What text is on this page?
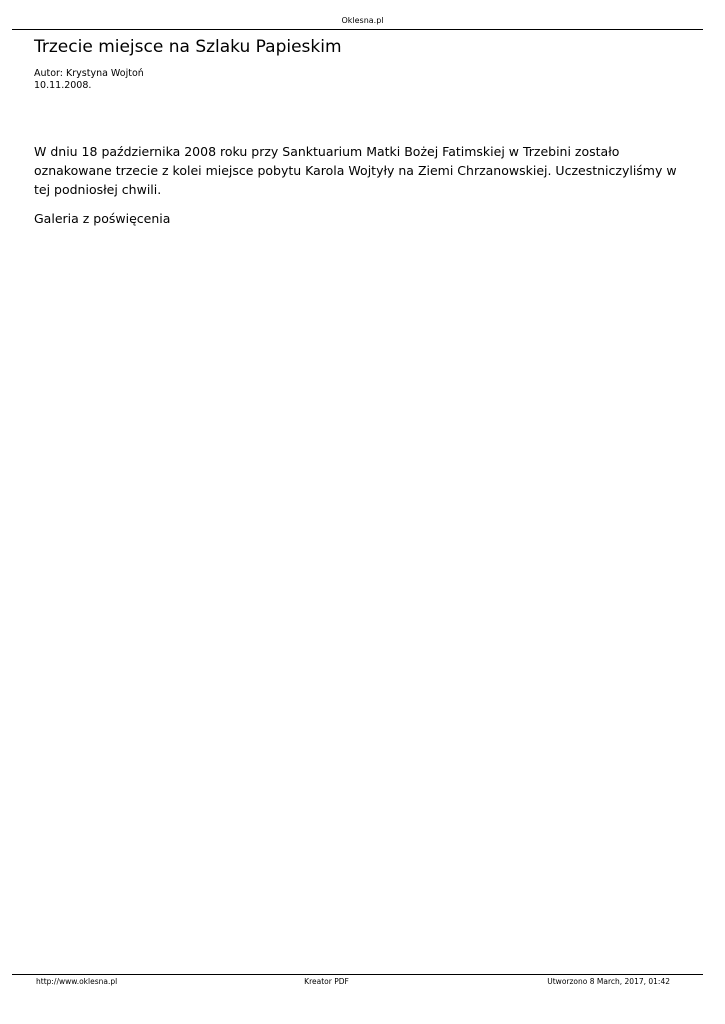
Oklesna.pl
Trzecie miejsce na Szlaku Papieskim
Autor: Krystyna Wojtoń
10.11.2008.

W dniu 18 października 2008 roku przy Sanktuarium Matki Bożej Fatimskiej w Trzebini zostało oznakowane trzecie z kolei miejsce pobytu Karola Wojtyły na Ziemi Chrzanowskiej. Uczestniczyliśmy w tej podniosłej chwili.

Galeria z poświęcenia

http://www.oklesna.pl	Kreator PDF	Utworzono 8 March, 2017, 01:42
